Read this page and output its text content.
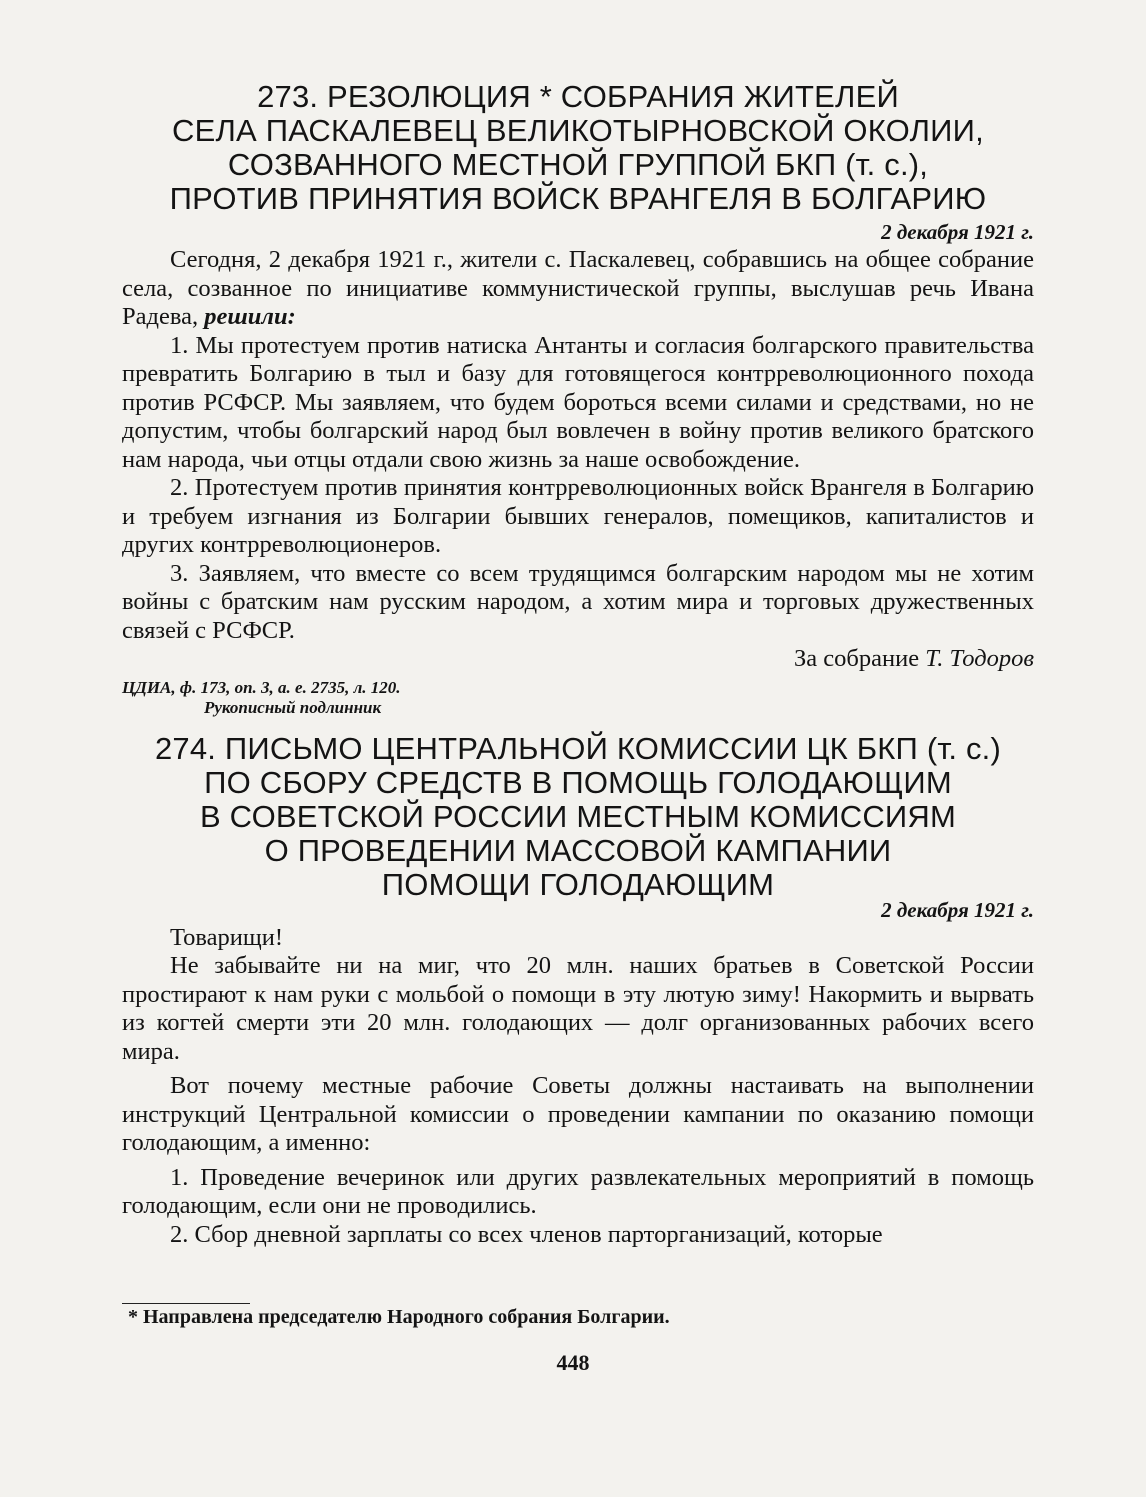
273. РЕЗОЛЮЦИЯ * СОБРАНИЯ ЖИТЕЛЕЙ
СЕЛА ПАСКАЛЕВЕЦ ВЕЛИКОТЫРНОВСКОЙ ОКОЛИИ,
СОЗВАННОГО МЕСТНОЙ ГРУППОЙ БКП (т. с.),
ПРОТИВ ПРИНЯТИЯ ВОЙСК ВРАНГЕЛЯ В БОЛГАРИЮ
2 декабря 1921 г.

Сегодня, 2 декабря 1921 г., жители с. Паскалевец, собравшись на общее собрание села, созванное по инициативе коммунистической группы, выслушав речь Ивана Радева, решили:

1. Мы протестуем против натиска Антанты и согласия болгарского правительства превратить Болгарию в тыл и базу для готовящегося контрреволюционного похода против РСФСР. Мы заявляем, что будем бороться всеми силами и средствами, но не допустим, чтобы болгарский народ был вовлечен в войну против великого братского нам народа, чьи отцы отдали свою жизнь за наше освобождение.

2. Протестуем против принятия контрреволюционных войск Врангеля в Болгарию и требуем изгнания из Болгарии бывших генералов, помещиков, капиталистов и других контрреволюционеров.

3. Заявляем, что вместе со всем трудящимся болгарским народом мы не хотим войны с братским нам русским народом, а хотим мира и торговых дружественных связей с РСФСР.

За собрание Т. Тодоров

ЦДИА, ф. 173, оп. 3, а. е. 2735, л. 120.
Рукописный подлинник
274. ПИСЬМО ЦЕНТРАЛЬНОЙ КОМИССИИ ЦК БКП (т. с.)
ПО СБОРУ СРЕДСТВ В ПОМОЩЬ ГОЛОДАЮЩИМ
В СОВЕТСКОЙ РОССИИ МЕСТНЫМ КОМИССИЯМ
О ПРОВЕДЕНИИ МАССОВОЙ КАМПАНИИ
ПОМОЩИ ГОЛОДАЮЩИМ
2 декабря 1921 г.

Товарищи!

Не забывайте ни на миг, что 20 млн. наших братьев в Советской России простирают к нам руки с мольбой о помощи в эту лютую зиму! Накормить и вырвать из когтей смерти эти 20 млн. голодающих — долг организованных рабочих всего мира.

Вот почему местные рабочие Советы должны настаивать на выполнении инструкций Центральной комиссии о проведении кампании по оказанию помощи голодающим, а именно:

1. Проведение вечеринок или других развлекательных мероприятий в помощь голодающим, если они не проводились.

2. Сбор дневной зарплаты со всех членов парторганизаций, которые

* Направлена председателю Народного собрания Болгарии.

448
